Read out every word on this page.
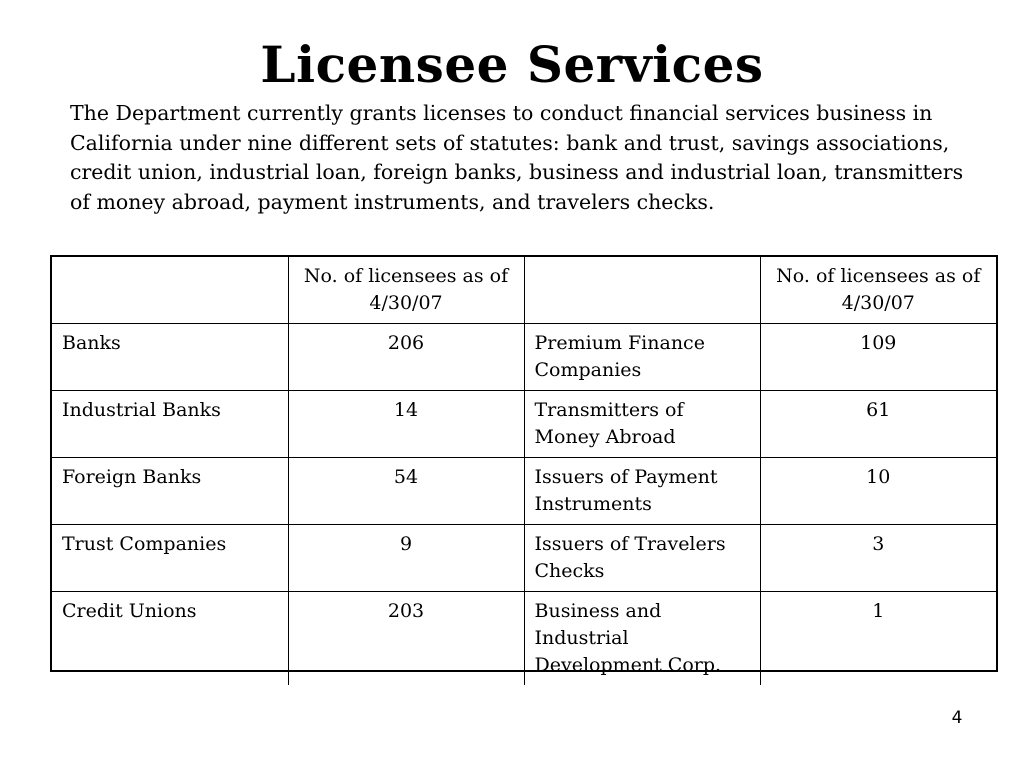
Licensee Services

The Department currently grants licenses to conduct financial services business in California under nine different sets of statutes: bank and trust, savings associations, credit union, industrial loan, foreign banks, business and industrial loan, transmitters of money abroad, payment instruments, and travelers checks.

	No. of licensees as of 4/30/07		No. of licensees as of 4/30/07
Banks	206	Premium Finance Companies	109
Industrial Banks	14	Transmitters of Money Abroad	61
Foreign Banks	54	Issuers of Payment Instruments	10
Trust Companies	9	Issuers of Travelers Checks	3
Credit Unions	203	Business and Industrial Development Corp.	1
4
